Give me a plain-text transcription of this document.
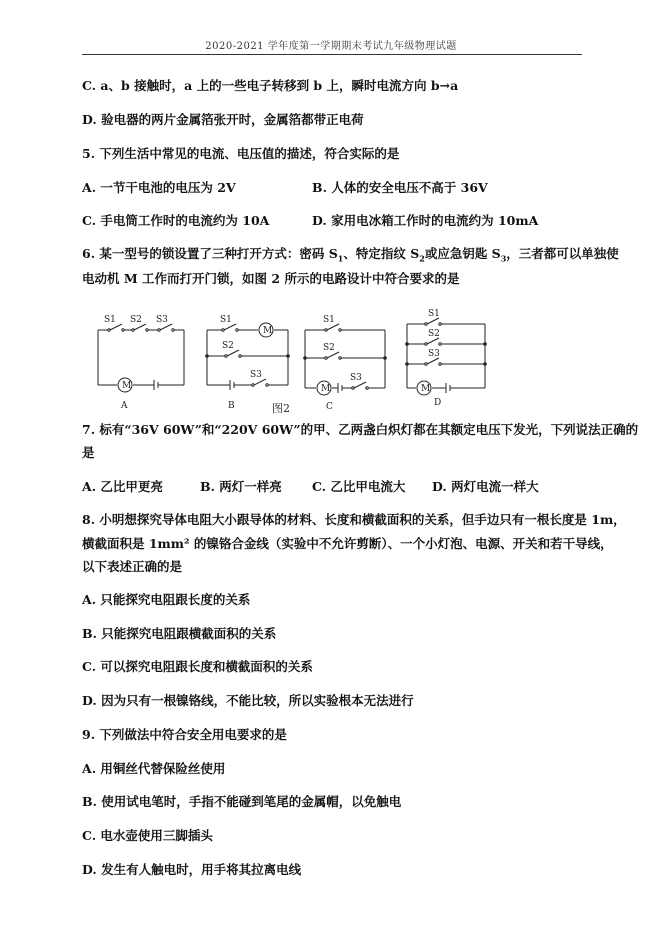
2020-2021 学年度第一学期期末考试九年级物理试题
C. a、b 接触时，a 上的一些电子转移到 b 上，瞬时电流方向 b→a
D. 验电器的两片金属箔张开时，金属箔都带正电荷
5. 下列生活中常见的电流、电压值的描述，符合实际的是
A. 一节干电池的电压为 2V	B. 人体的安全电压不高于 36V
C. 手电筒工作时的电流约为 10A	D. 家用电冰箱工作时的电流约为 10mA
6. 某一型号的锁设置了三种打开方式：密码 $S_1$、特定指纹 $S_2$或应急钥匙 $S_3$，三者都可以单独使
电动机 M 工作而打开门锁，如图 2 所示的电路设计中符合要求的是
S1 S2 S3
M
A
S1
M
S2
S3
B
S1
S2
M
S3
C
S1
S2
S3
M
D
图2
7. 标有“36V 60W”和“220V 60W”的甲、乙两盏白炽灯都在其额定电压下发光，下列说法正确的
是
A. 乙比甲更亮	B. 两灯一样亮 C. 乙比甲电流大 D. 两灯电流一样大
8. 小明想探究导体电阻大小跟导体的材料、长度和横截面积的关系，但手边只有一根长度是 1m，
横截面积是 1mm² 的镍铬合金线（实验中不允许剪断）、一个小灯泡、电源、开关和若干导线，
以下表述正确的是
A. 只能探究电阻跟长度的关系
B. 只能探究电阻跟横截面积的关系
C. 可以探究电阻跟长度和横截面积的关系
D. 因为只有一根镍铬线，不能比较，所以实验根本无法进行
9. 下列做法中符合安全用电要求的是
A. 用铜丝代替保险丝使用
B. 使用试电笔时，手指不能碰到笔尾的金属帽，以免触电
C. 电水壶使用三脚插头
D. 发生有人触电时，用手将其拉离电线
